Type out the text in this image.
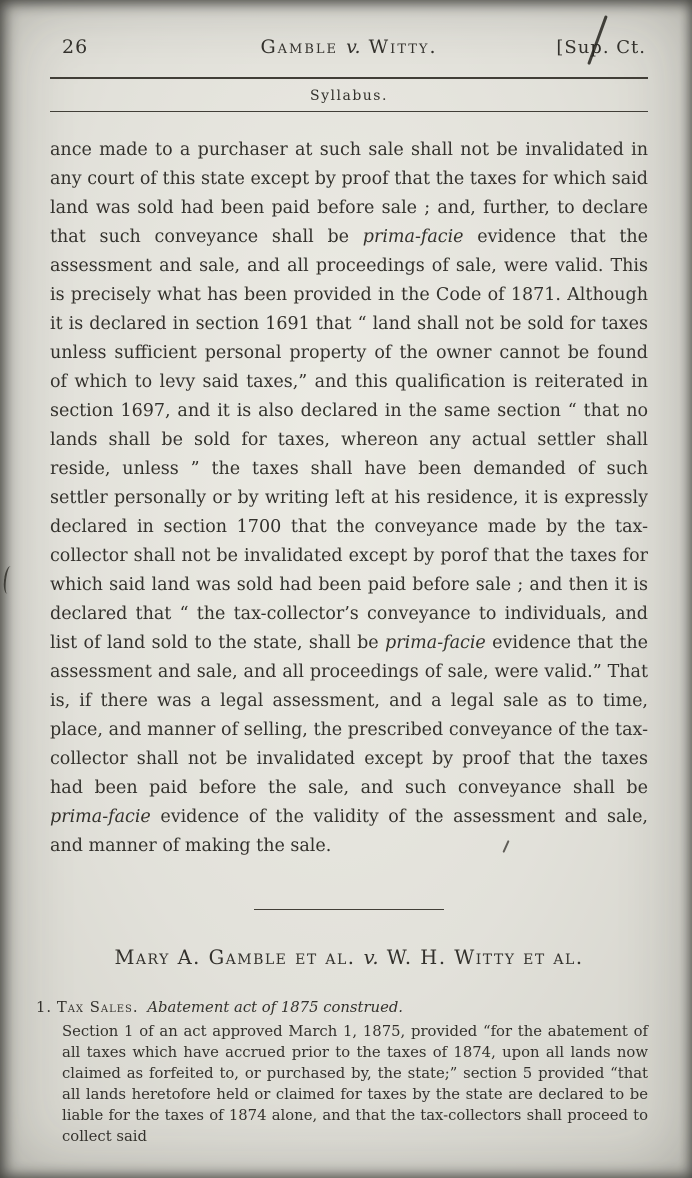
26	Gamble v. Witty.	[Sup. Ct.
Syllabus.

ance made to a purchaser at such sale shall not be invalidated in any court of this state except by proof that the taxes for which said land was sold had been paid before sale ; and, further, to declare that such conveyance shall be prima-facie evidence that the assessment and sale, and all proceedings of sale, were valid. This is precisely what has been provided in the Code of 1871. Although it is declared in section 1691 that “ land shall not be sold for taxes unless sufficient personal property of the owner cannot be found of which to levy said taxes,” and this qualification is reiterated in section 1697, and it is also declared in the same section “ that no lands shall be sold for taxes, whereon any actual settler shall reside, unless ” the taxes shall have been demanded of such settler personally or by writing left at his residence, it is expressly declared in section 1700 that the conveyance made by the tax-collector shall not be invalidated except by porof that the taxes for which said land was sold had been paid before sale ; and then it is declared that “ the tax-collector’s conveyance to individuals, and list of land sold to the state, shall be prima-facie evidence that the assessment and sale, and all proceedings of sale, were valid.” That is, if there was a legal assessment, and a legal sale as to time, place, and manner of selling, the prescribed conveyance of the tax-collector shall not be invalidated except by proof that the taxes had been paid before the sale, and such conveyance shall be prima-facie evidence of the validity of the assessment and sale, and manner of making the sale.

Mary A. Gamble et al. v. W. H. Witty et al.
1. Tax Sales. Abatement act of 1875 construed.

Section 1 of an act approved March 1, 1875, provided “for the abatement of all taxes which have accrued prior to the taxes of 1874, upon all lands now claimed as forfeited to, or purchased by, the state;” section 5 provided “that all lands heretofore held or claimed for taxes by the state are declared to be liable for the taxes of 1874 alone, and that the tax-collectors shall proceed to collect said
